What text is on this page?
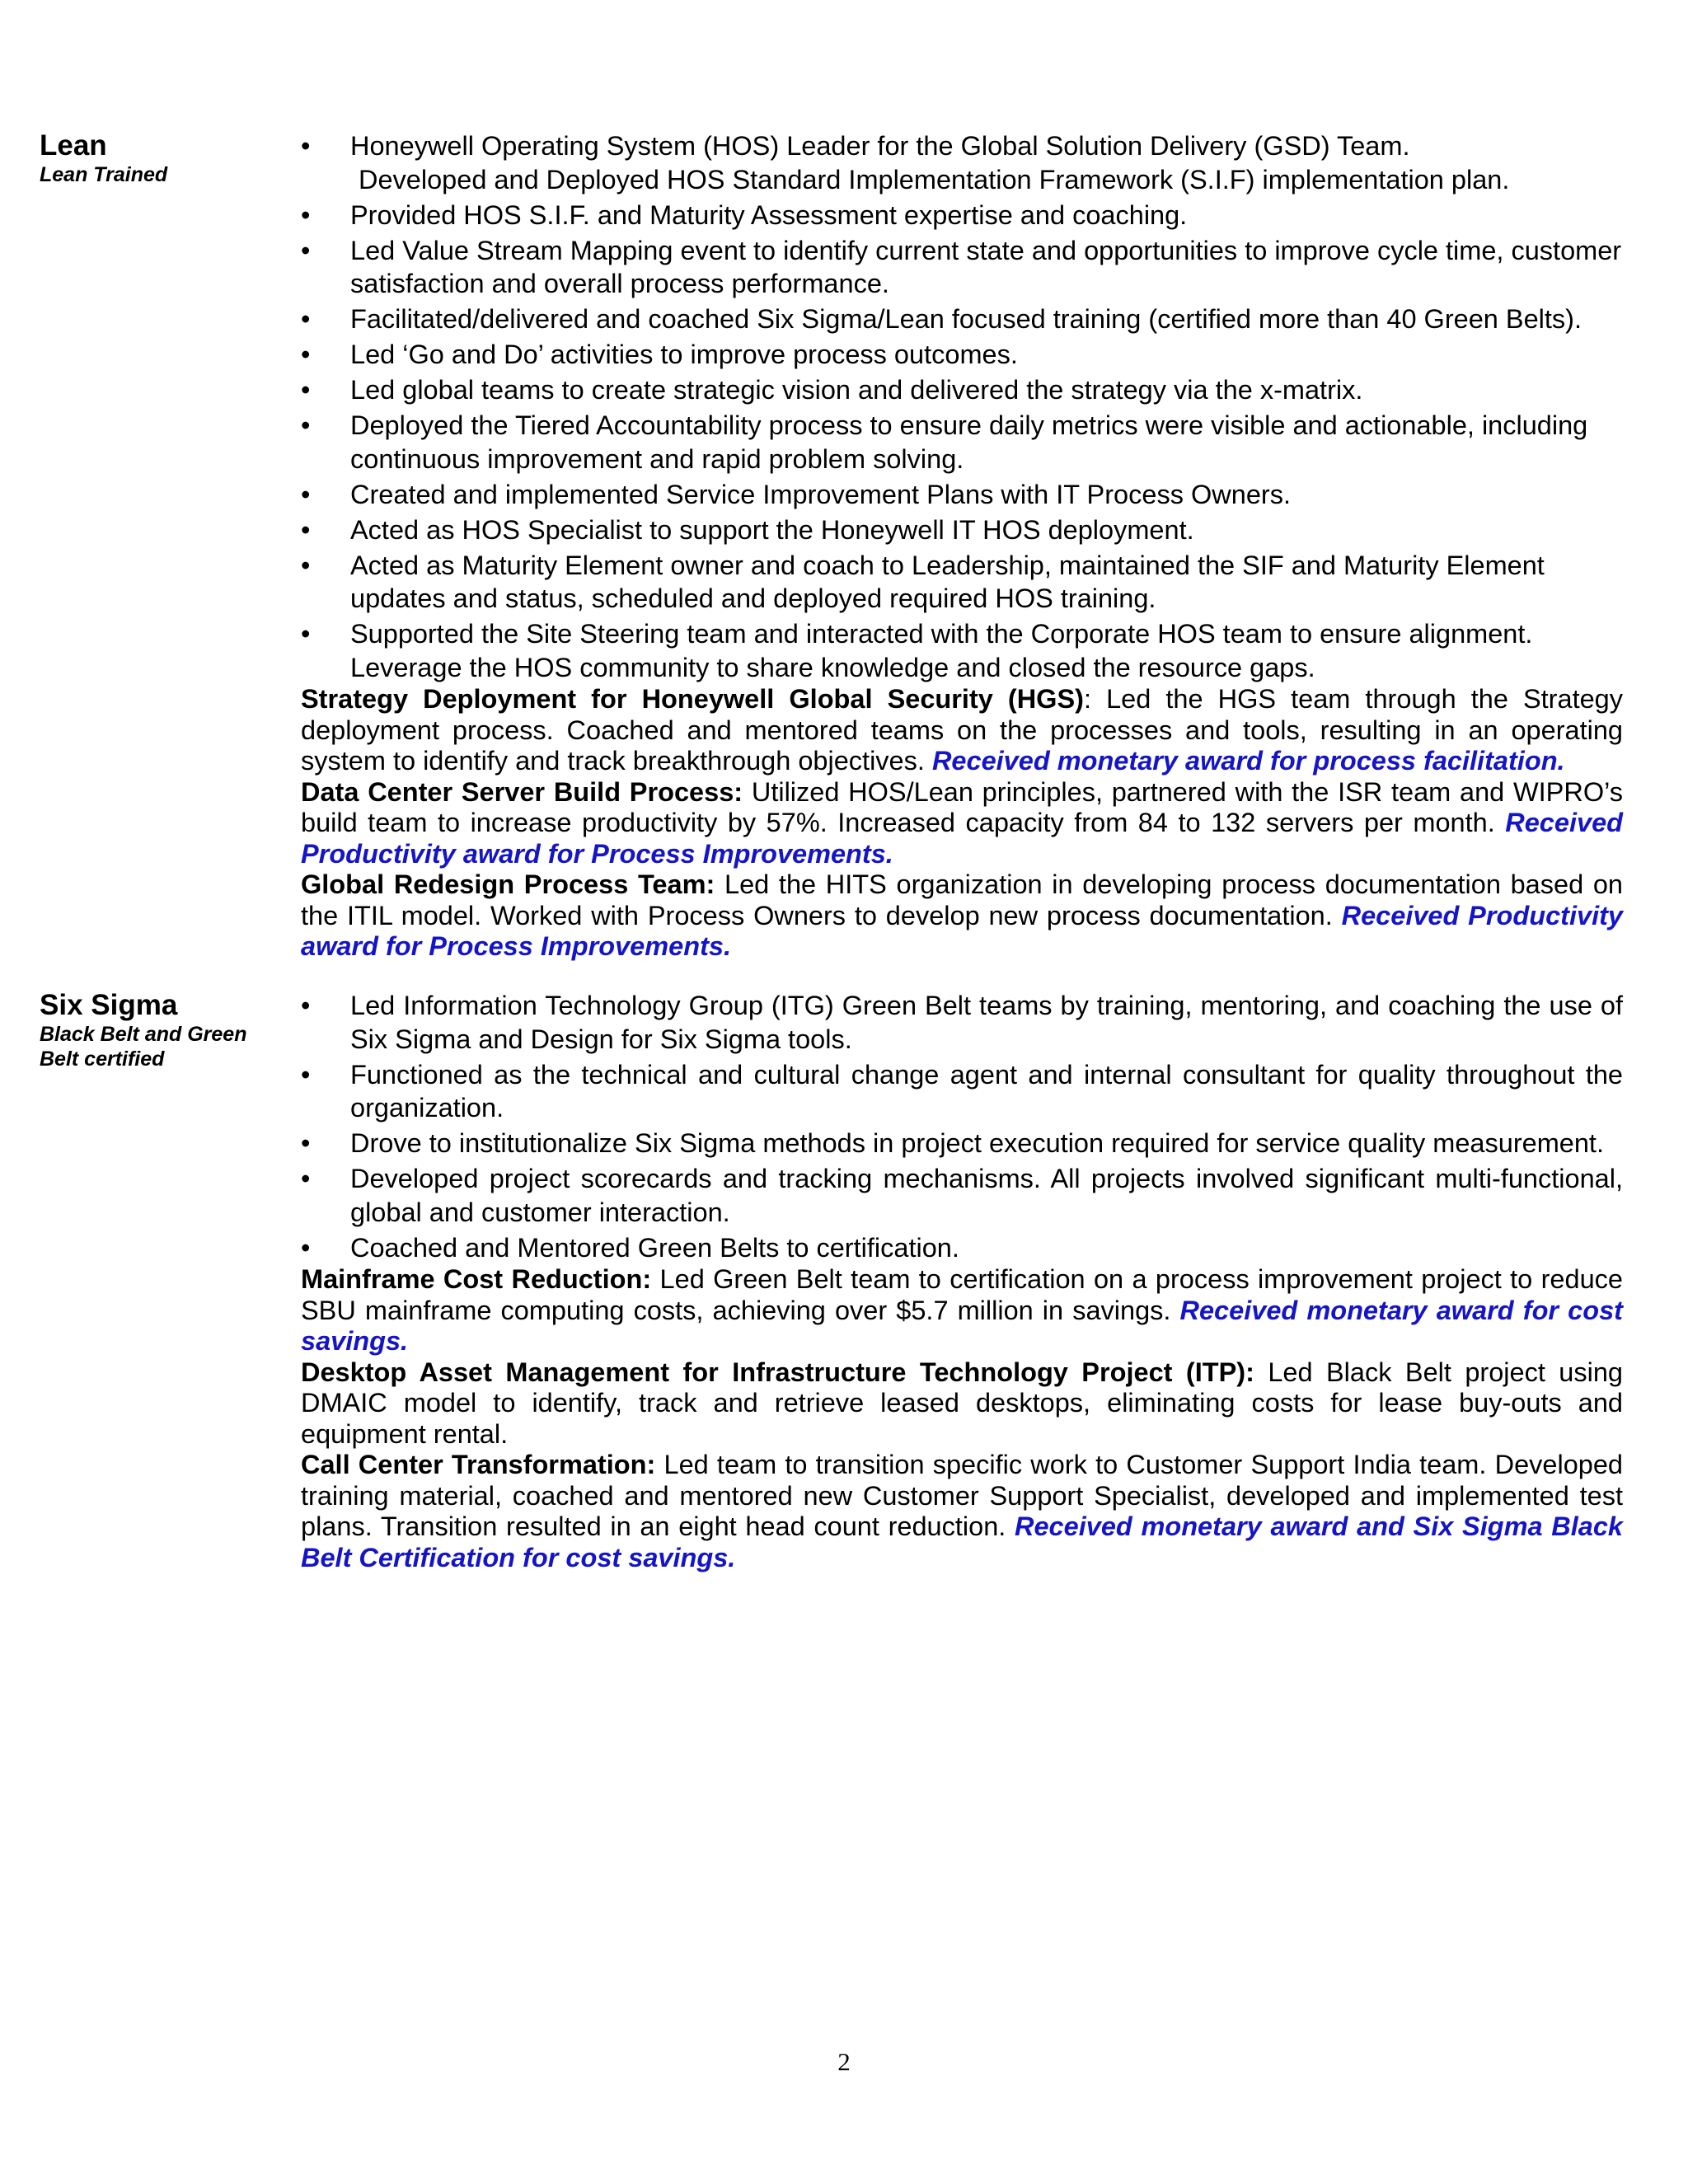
Lean
Lean Trained
• Honeywell Operating System (HOS) Leader for the Global Solution Delivery (GSD) Team.
Developed and Deployed HOS Standard Implementation Framework (S.I.F) implementation plan.
• Provided HOS S.I.F. and Maturity Assessment expertise and coaching.
• Led Value Stream Mapping event to identify current state and opportunities to improve cycle time, customer satisfaction and overall process performance.
• Facilitated/delivered and coached Six Sigma/Lean focused training (certified more than 40 Green Belts).
• Led ‘Go and Do’ activities to improve process outcomes.
• Led global teams to create strategic vision and delivered the strategy via the x-matrix.
• Deployed the Tiered Accountability process to ensure daily metrics were visible and actionable, including continuous improvement and rapid problem solving.
• Created and implemented Service Improvement Plans with IT Process Owners.
• Acted as HOS Specialist to support the Honeywell IT HOS deployment.
• Acted as Maturity Element owner and coach to Leadership, maintained the SIF and Maturity Element updates and status, scheduled and deployed required HOS training.
• Supported the Site Steering team and interacted with the Corporate HOS team to ensure alignment.
Leverage the HOS community to share knowledge and closed the resource gaps.

Strategy Deployment for Honeywell Global Security (HGS): Led the HGS team through the Strategy deployment process. Coached and mentored teams on the processes and tools, resulting in an operating system to identify and track breakthrough objectives. Received monetary award for process facilitation.

Data Center Server Build Process: Utilized HOS/Lean principles, partnered with the ISR team and WIPRO’s build team to increase productivity by 57%. Increased capacity from 84 to 132 servers per month. Received Productivity award for Process Improvements.

Global Redesign Process Team: Led the HITS organization in developing process documentation based on the ITIL model. Worked with Process Owners to develop new process documentation. Received Productivity award for Process Improvements.

Six Sigma
Black Belt and Green
Belt certified
• Led Information Technology Group (ITG) Green Belt teams by training, mentoring, and coaching the use of Six Sigma and Design for Six Sigma tools.
• Functioned as the technical and cultural change agent and internal consultant for quality throughout the organization.
• Drove to institutionalize Six Sigma methods in project execution required for service quality measurement.
• Developed project scorecards and tracking mechanisms. All projects involved significant multi-functional, global and customer interaction.
• Coached and Mentored Green Belts to certification.

Mainframe Cost Reduction: Led Green Belt team to certification on a process improvement project to reduce SBU mainframe computing costs, achieving over $5.7 million in savings. Received monetary award for cost savings.

Desktop Asset Management for Infrastructure Technology Project (ITP): Led Black Belt project using DMAIC model to identify, track and retrieve leased desktops, eliminating costs for lease buy-outs and equipment rental.

Call Center Transformation: Led team to transition specific work to Customer Support India team. Developed training material, coached and mentored new Customer Support Specialist, developed and implemented test plans. Transition resulted in an eight head count reduction. Received monetary award and Six Sigma Black Belt Certification for cost savings.

2
